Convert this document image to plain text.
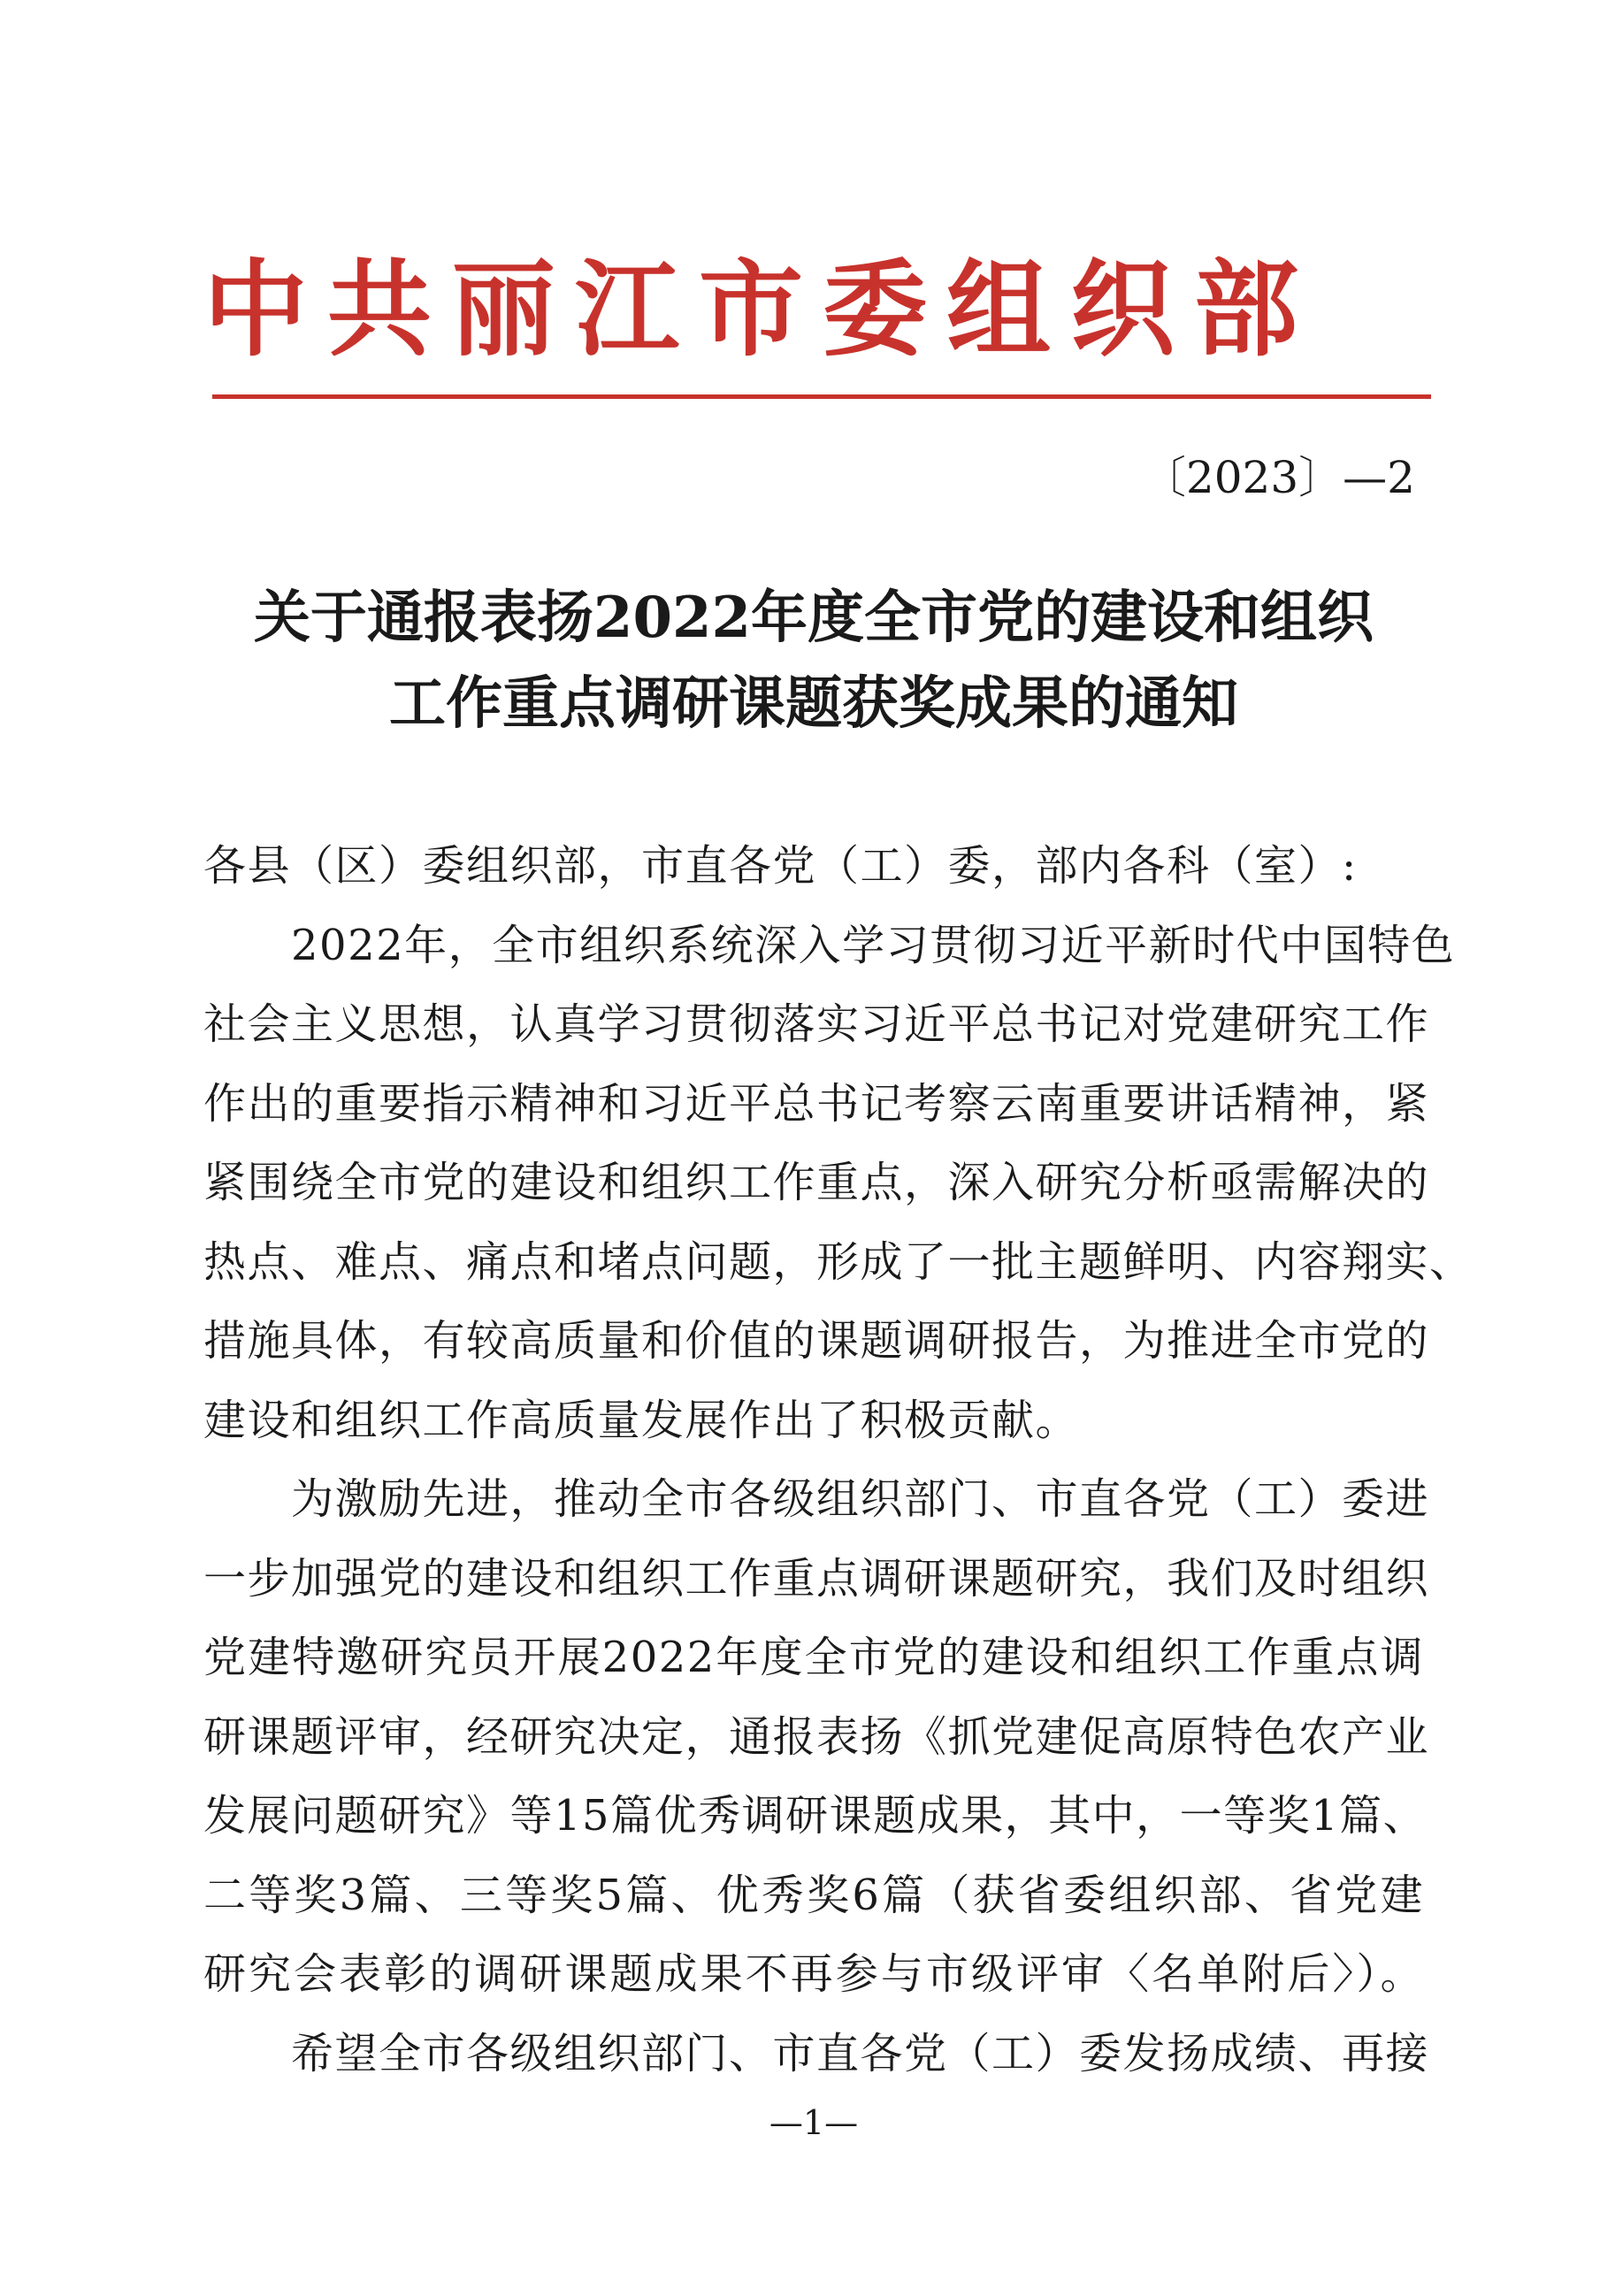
中共丽江市委组织部
〔2023〕—2
关于通报表扬2022年度全市党的建设和组织
工作重点调研课题获奖成果的通知
各县（区）委组织部，市直各党（工）委，部内各科（室）:
　　2022年，全市组织系统深入学习贯彻习近平新时代中国特色
社会主义思想，认真学习贯彻落实习近平总书记对党建研究工作
作出的重要指示精神和习近平总书记考察云南重要讲话精神，紧
紧围绕全市党的建设和组织工作重点，深入研究分析亟需解决的
热点、难点、痛点和堵点问题，形成了一批主题鲜明、内容翔实、
措施具体，有较高质量和价值的课题调研报告，为推进全市党的
建设和组织工作高质量发展作出了积极贡献。
　　为激励先进，推动全市各级组织部门、市直各党（工）委进
一步加强党的建设和组织工作重点调研课题研究，我们及时组织
党建特邀研究员开展2022年度全市党的建设和组织工作重点调
研课题评审，经研究决定，通报表扬《抓党建促高原特色农产业
发展问题研究》等15篇优秀调研课题成果，其中，一等奖1篇、
二等奖3篇、三等奖5篇、优秀奖6篇（获省委组织部、省党建
研究会表彰的调研课题成果不再参与市级评审〈名单附后〉）。
　　希望全市各级组织部门、市直各党（工）委发扬成绩、再接
—1—
